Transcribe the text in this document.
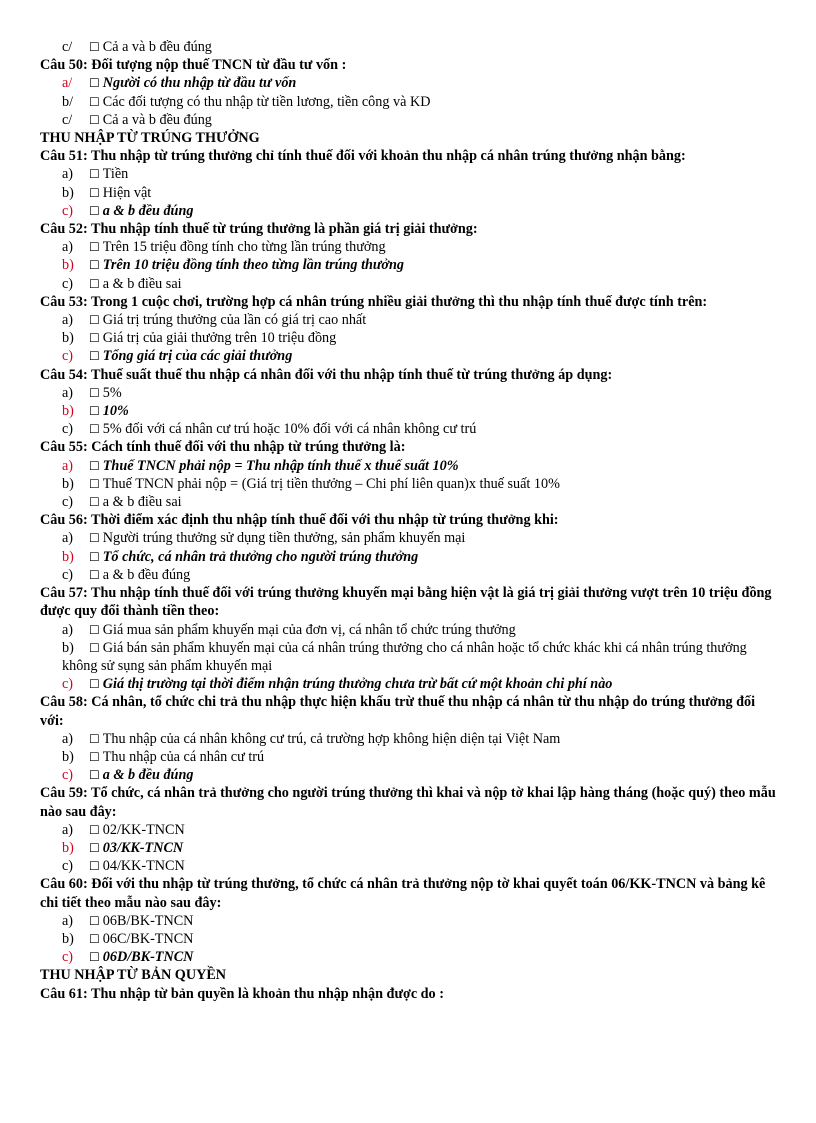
c/ ☐ Cả a và b đều đúng
Câu 50: Đối tượng nộp thuế TNCN từ đầu tư vốn :
a/ ☐ Người có thu nhập từ đầu tư vốn
b/ ☐ Các đối tượng có thu nhập từ tiền lương, tiền công và KD
c/ ☐ Cả a và b đều đúng
THU NHẬP TỪ TRÚNG THƯỞNG
Câu 51: Thu nhập từ trúng thưởng chỉ tính thuế đối với khoản thu nhập cá nhân trúng thưởng nhận bằng:
a) ☐ Tiền
b) ☐ Hiện vật
c) ☐ a & b đều đúng
Câu 52: Thu nhập tính thuế từ trúng thưởng là phần giá trị giải thưởng:
a) ☐ Trên 15 triệu đồng tính cho từng lần trúng thưởng
b) ☐ Trên 10 triệu đồng tính theo từng lần trúng thưởng
c) ☐ a & b điều sai
Câu 53: Trong 1 cuộc chơi, trường hợp cá nhân trúng nhiều giải thưởng thì thu nhập tính thuế được tính trên:
a) ☐ Giá trị trúng thưởng của lần có giá trị cao nhất
b) ☐ Giá trị của giải thưởng trên 10 triệu đồng
c) ☐ Tổng giá trị của các giải thưởng
Câu 54: Thuế suất thuế thu nhập cá nhân đối với thu nhập tính thuế từ trúng thưởng áp dụng:
a) ☐ 5%
b) ☐ 10%
c) ☐ 5% đối với cá nhân cư trú hoặc 10% đối với cá nhân không cư trú
Câu 55: Cách tính thuế đối với thu nhập từ trúng thưởng là:
a) ☐ Thuế TNCN phải nộp = Thu nhập tính thuế x thuế suất 10%
b) ☐ Thuế TNCN phải nộp = (Giá trị tiền thưởng – Chi phí liên quan)x thuế suất 10%
c) ☐ a & b điều sai
Câu 56: Thời điểm xác định thu nhập tính thuế đối với thu nhập từ trúng thưởng khi:
a) ☐ Người trúng thưởng sử dụng tiền thưởng, sản phẩm khuyến mại
b) ☐ Tổ chức, cá nhân trả thưởng cho người trúng thưởng
c) ☐ a & b đều đúng
Câu 57: Thu nhập tính thuế đối với trúng thưởng khuyến mại bằng hiện vật là giá trị giải thưởng vượt trên 10 triệu đồng được quy đổi thành tiền theo:
a) ☐ Giá mua sản phẩm khuyến mại của đơn vị, cá nhân tổ chức trúng thưởng
b) ☐ Giá bán sản phẩm khuyến mại của cá nhân trúng thưởng cho cá nhân hoặc tổ chức khác khi cá nhân trúng thưởng không sử sụng sản phẩm khuyến mại
c) ☐ Giá thị trường tại thời điểm nhận trúng thưởng chưa trừ bất cứ một khoản chi phí nào
Câu 58: Cá nhân, tổ chức chi trả thu nhập thực hiện khấu trừ thuế thu nhập cá nhân từ thu nhập do trúng thưởng đối với:
a) ☐ Thu nhập của cá nhân không cư trú, cả trường hợp không hiện diện tại Việt Nam
b) ☐ Thu nhập của cá nhân cư trú
c) ☐ a & b đều đúng
Câu 59: Tổ chức, cá nhân trả thưởng cho người trúng thưởng thì khai và nộp tờ khai lập hàng tháng (hoặc quý) theo mẫu nào sau đây:
a) ☐ 02/KK-TNCN
b) ☐ 03/KK-TNCN
c) ☐ 04/KK-TNCN
Câu 60: Đối với thu nhập từ trúng thưởng, tổ chức cá nhân trả thưởng nộp tờ khai quyết toán 06/KK-TNCN và bảng kê chi tiết theo mẫu nào sau đây:
a) ☐ 06B/BK-TNCN
b) ☐ 06C/BK-TNCN
c) ☐ 06D/BK-TNCN
THU NHẬP TỪ BẢN QUYỀN
Câu 61: Thu nhập từ bản quyền là khoản thu nhập nhận được do :
